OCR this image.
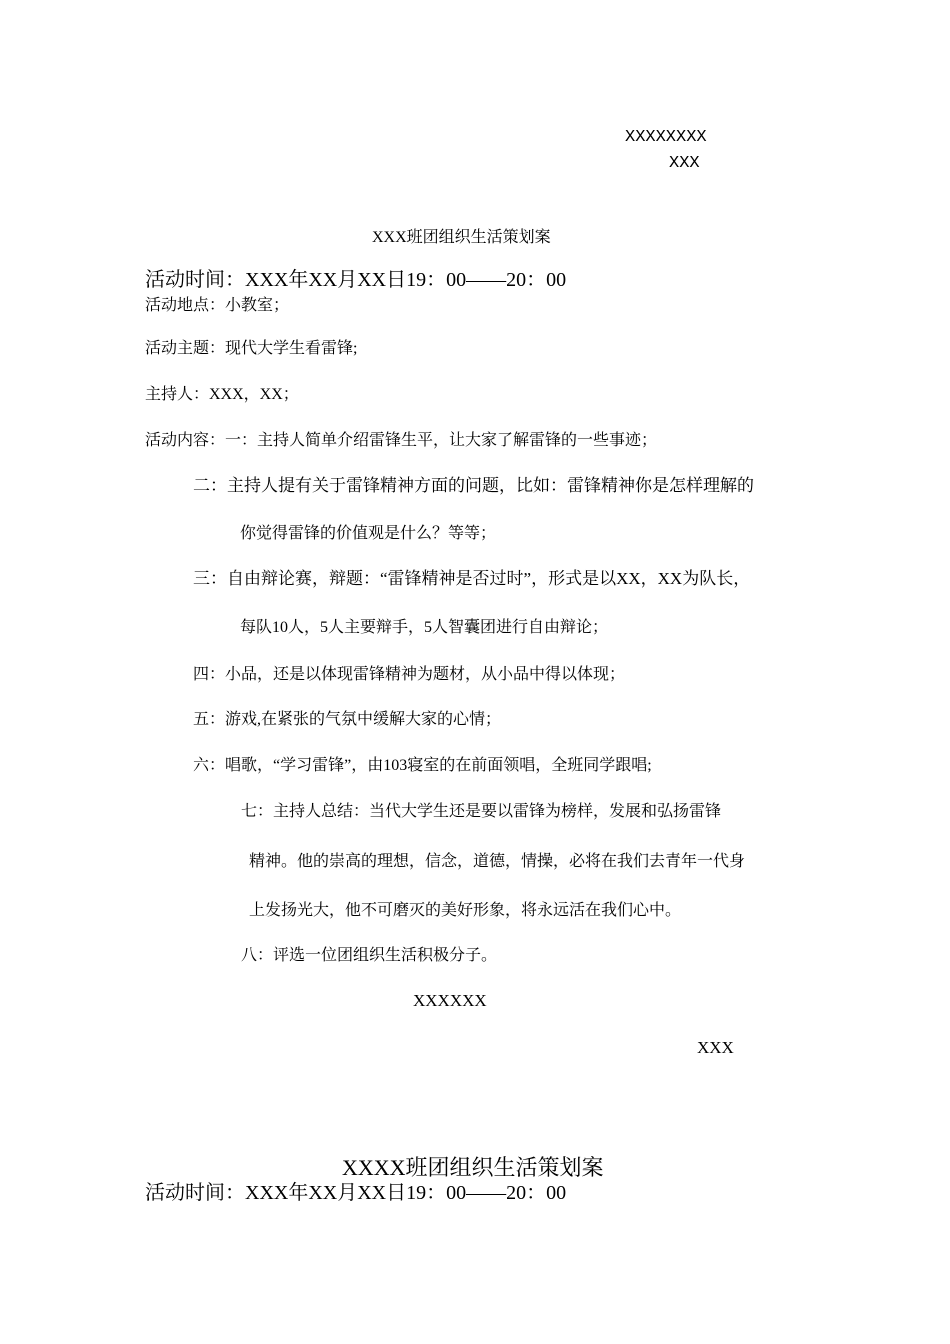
XXXXXXXX
XXX
XXX班团组织生活策划案
活动时间：XXX年XX月XX日19：00——20：00
活动地点：小教室；
活动主题：现代大学生看雷锋;
主持人：XXX，XX；
活动内容：一：主持人简单介绍雷锋生平，让大家了解雷锋的一些事迹；
二：主持人提有关于雷锋精神方面的问题，比如：雷锋精神你是怎样理解的
你觉得雷锋的价值观是什么？等等；
三：自由辩论赛，辩题：“雷锋精神是否过时”，形式是以XX，XX为队长，
每队10人，5人主要辩手，5人智囊团进行自由辩论；
四：小品，还是以体现雷锋精神为题材，从小品中得以体现；
五：游戏,在紧张的气氛中缓解大家的心情；
六：唱歌，“学习雷锋”，由103寝室的在前面领唱，全班同学跟唱;
七：主持人总结：当代大学生还是要以雷锋为榜样，发展和弘扬雷锋
精神。他的崇高的理想，信念，道德，情操，必将在我们去青年一代身
上发扬光大，他不可磨灭的美好形象，将永远活在我们心中。
八：评选一位团组织生活积极分子。
XXXXXX
XXX
XXXX班团组织生活策划案
活动时间：XXX年XX月XX日19：00——20：00
